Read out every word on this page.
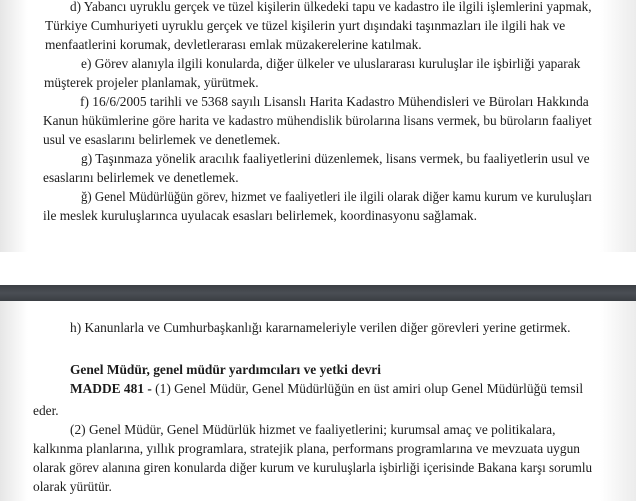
d) Yabancı uyruklu gerçek ve tüzel kişilerin ülkedeki tapu ve kadastro ile ilgili işlemlerini yapmak,
Türkiye Cumhuriyeti uyruklu gerçek ve tüzel kişilerin yurt dışındaki taşınmazları ile ilgili hak ve
menfaatlerini korumak, devletlerarası emlak müzakerelerine katılmak.
e) Görev alanıyla ilgili konularda, diğer ülkeler ve uluslararası kuruluşlar ile işbirliği yaparak
müşterek projeler planlamak, yürütmek.
f) 16/6/2005 tarihli ve 5368 sayılı Lisanslı Harita Kadastro Mühendisleri ve Büroları Hakkında
Kanun hükümlerine göre harita ve kadastro mühendislik bürolarına lisans vermek, bu büroların faaliyet
usul ve esaslarını belirlemek ve denetlemek.
g) Taşınmaza yönelik aracılık faaliyetlerini düzenlemek, lisans vermek, bu faaliyetlerin usul ve
esaslarını belirlemek ve denetlemek.
ğ) Genel Müdürlüğün görev, hizmet ve faaliyetleri ile ilgili olarak diğer kamu kurum ve kuruluşları
ile meslek kuruluşlarınca uyulacak esasları belirlemek, koordinasyonu sağlamak.
h) Kanunlarla ve Cumhurbaşkanlığı kararnameleriyle verilen diğer görevleri yerine getirmek.
Genel Müdür, genel müdür yardımcıları ve yetki devri
MADDE 481 - (1) Genel Müdür, Genel Müdürlüğün en üst amiri olup Genel Müdürlüğü temsil
eder.
(2) Genel Müdür, Genel Müdürlük hizmet ve faaliyetlerini; kurumsal amaç ve politikalara,
kalkınma planlarına, yıllık programlara, stratejik plana, performans programlarına ve mevzuata uygun
olarak görev alanına giren konularda diğer kurum ve kuruluşlarla işbirliği içerisinde Bakana karşı sorumlu
olarak yürütür.
